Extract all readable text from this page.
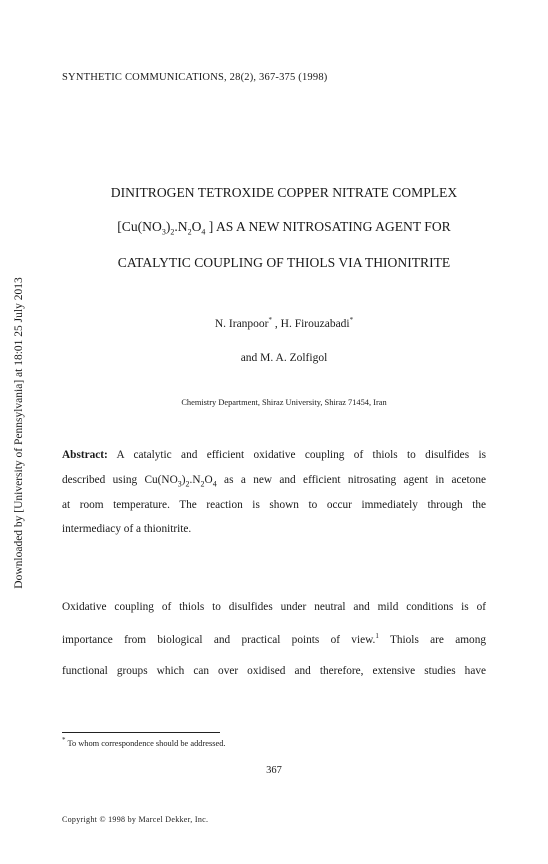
SYNTHETIC COMMUNICATIONS, 28(2), 367-375 (1998)
Downloaded by [University of Pennsylvania] at 18:01 25 July 2013
DINITROGEN TETROXIDE COPPER NITRATE COMPLEX
[$Cu(NO_3)_2.N_2O_4$ ] AS A NEW NITROSATING AGENT FOR
CATALYTIC COUPLING OF THIOLS VIA THIONITRITE
N. Iranpoor* , H. Firouzabadi*
and M. A. Zolfigol
Chemistry Department, Shiraz University, Shiraz 71454, Iran
Abstract: A catalytic and efficient oxidative coupling of thiols to disulfides is
described using $Cu(NO_3)_2.N_2O_4$ as a new and efficient nitrosating agent in acetone
at room temperature. The reaction is shown to occur immediately through the
intermediacy of a thionitrite.
Oxidative coupling of thiols to disulfides under neutral and mild conditions is of
importance from biological and practical points of view.$^1$ Thiols are among
functional groups which can over oxidised and therefore, extensive studies have
* To whom correspondence should be addressed.
367
Copyright © 1998 by Marcel Dekker, Inc.
